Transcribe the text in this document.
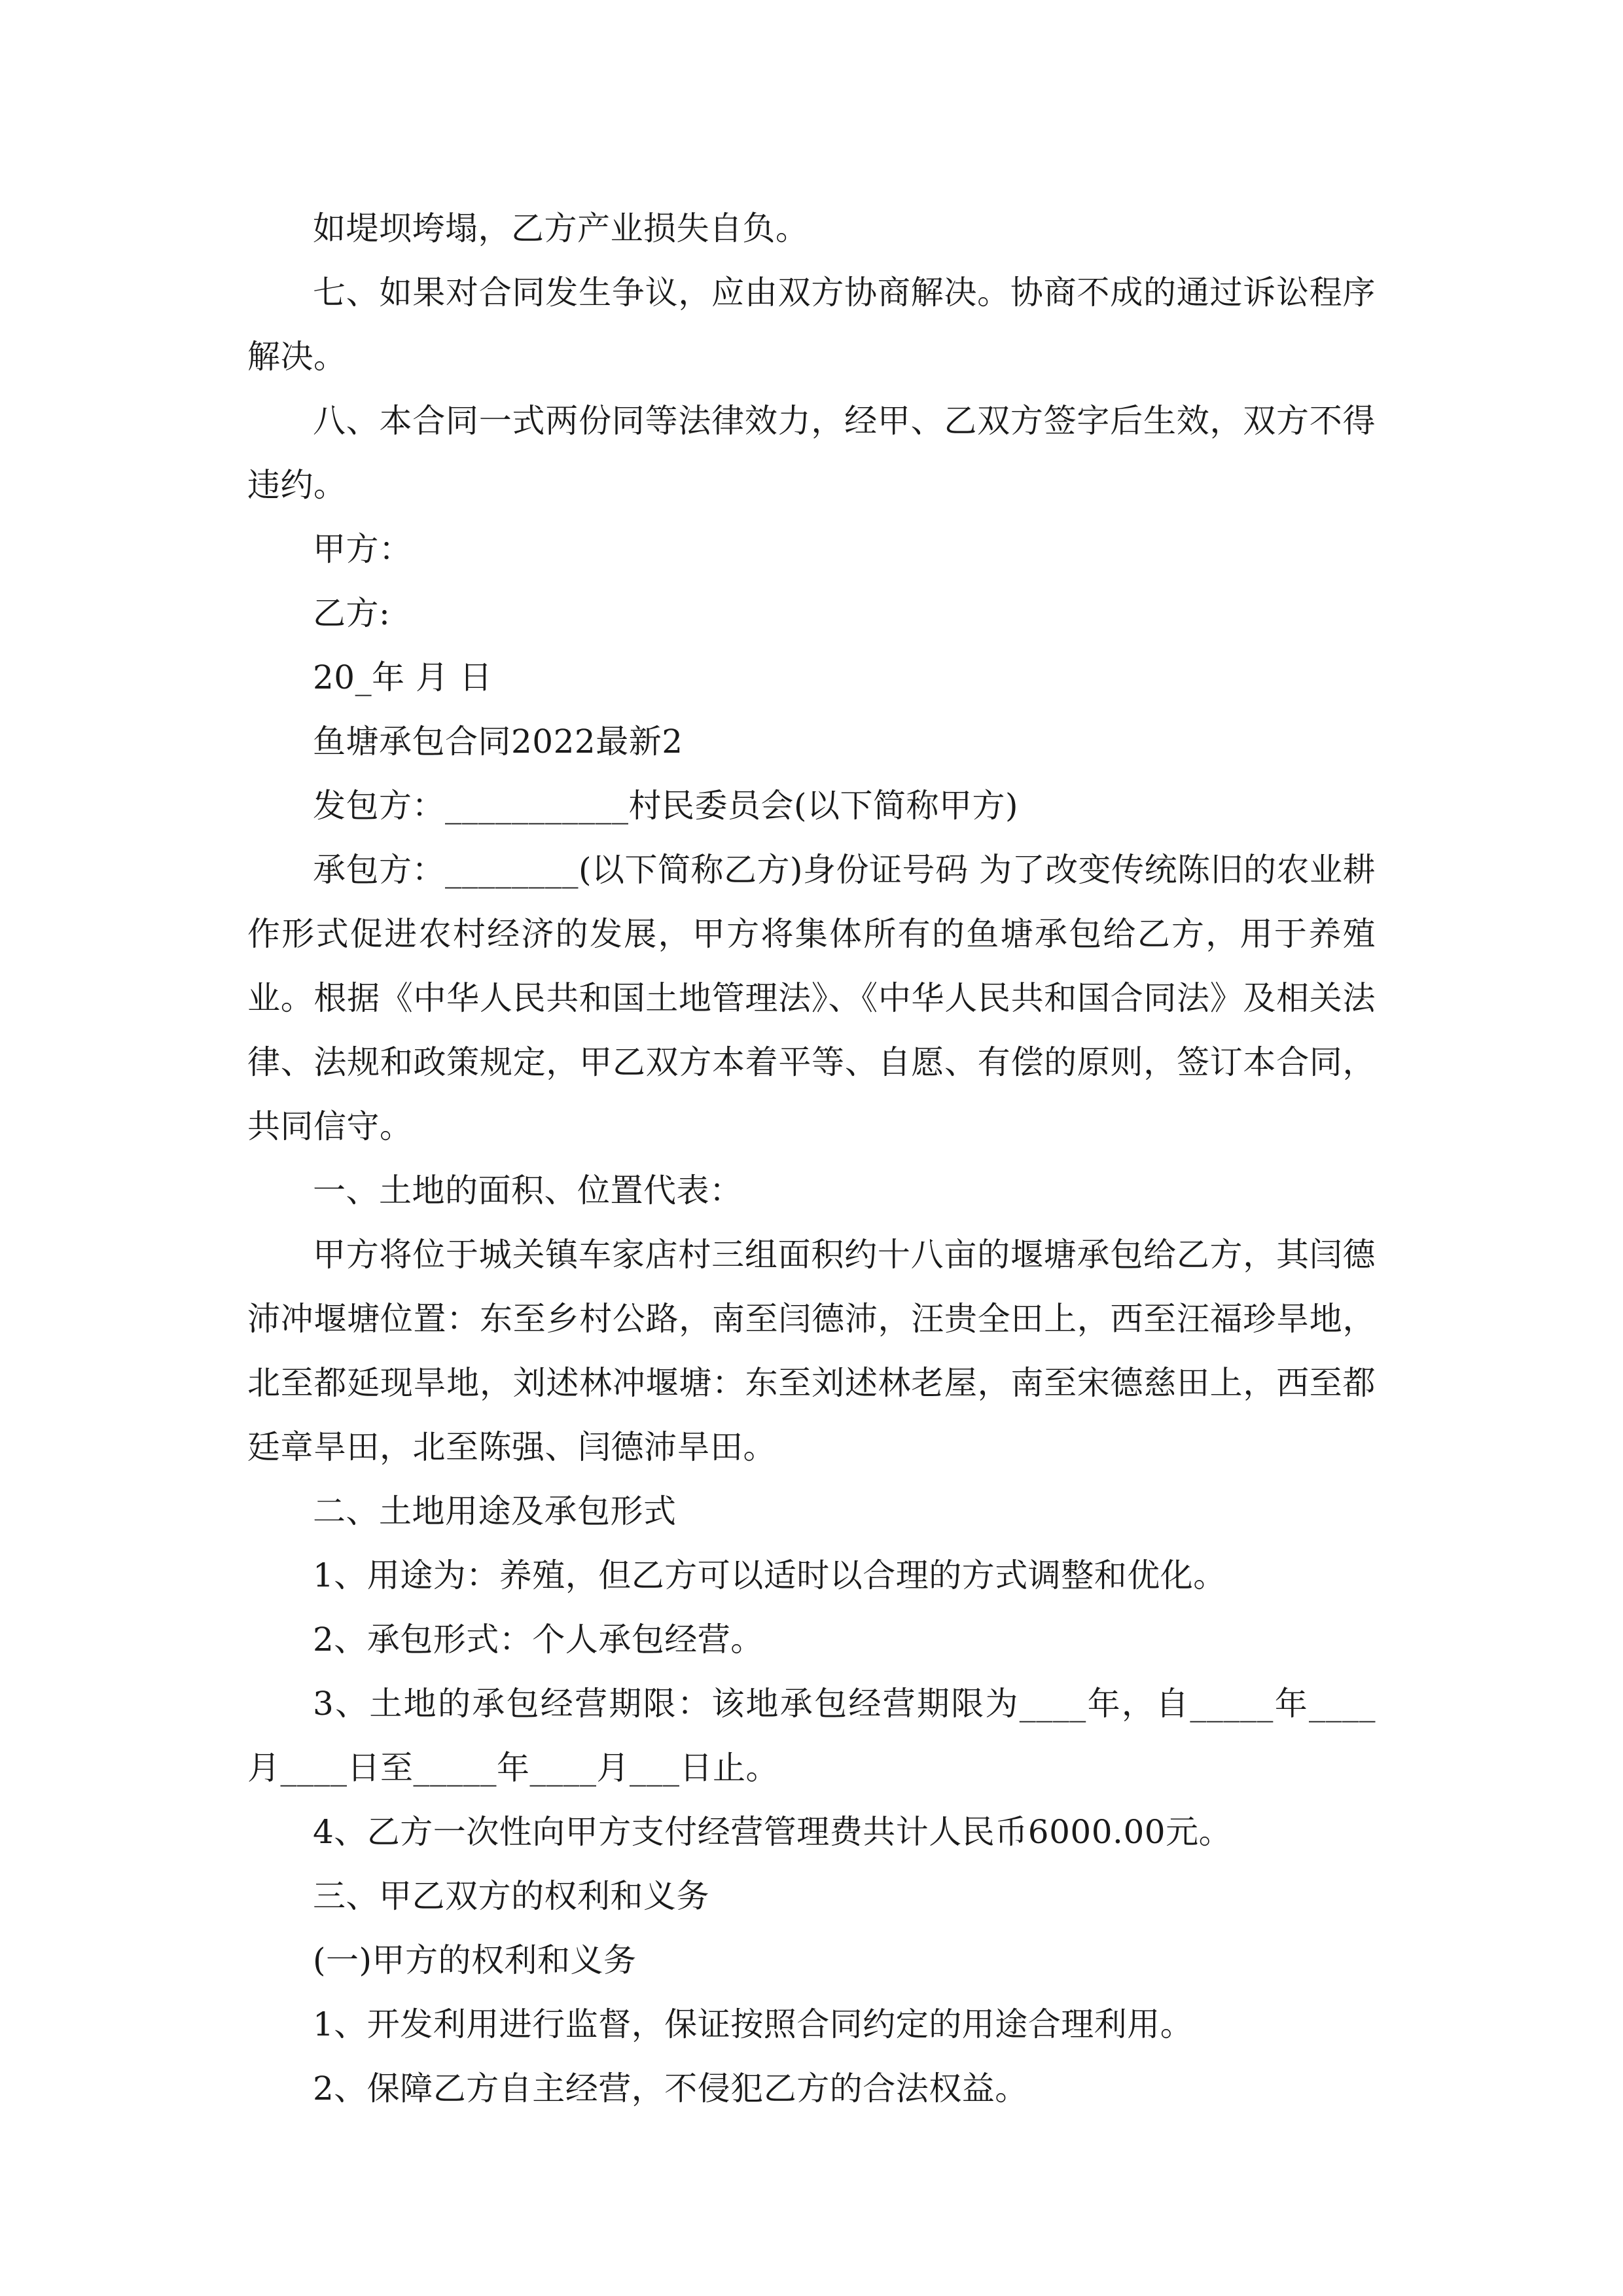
如堤坝垮塌，乙方产业损失自负。

七、如果对合同发生争议，应由双方协商解决。协商不成的通过诉讼程序解决。

八、本合同一式两份同等法律效力，经甲、乙双方签字后生效，双方不得违约。

甲方：

乙方:

20_年 月 日

鱼塘承包合同2022最新2

发包方：___________村民委员会(以下简称甲方)

承包方：________(以下简称乙方)身份证号码 为了改变传统陈旧的农业耕作形式促进农村经济的发展，甲方将集体所有的鱼塘承包给乙方，用于养殖业。根据《中华人民共和国土地管理法》、《中华人民共和国合同法》及相关法律、法规和政策规定，甲乙双方本着平等、自愿、有偿的原则，签订本合同，共同信守。

一、土地的面积、位置代表：

甲方将位于城关镇车家店村三组面积约十八亩的堰塘承包给乙方，其闫德沛冲堰塘位置：东至乡村公路，南至闫德沛，汪贵全田上，西至汪福珍旱地，北至都延现旱地，刘述林冲堰塘：东至刘述林老屋，南至宋德慈田上，西至都廷章旱田，北至陈强、闫德沛旱田。

二、土地用途及承包形式

1、用途为：养殖，但乙方可以适时以合理的方式调整和优化。

2、承包形式：个人承包经营。

3、土地的承包经营期限：该地承包经营期限为____年，自_____年____月____日至_____年____月___日止。

4、乙方一次性向甲方支付经营管理费共计人民币6000.00元。

三、甲乙双方的权利和义务

(一)甲方的权利和义务

1、开发利用进行监督，保证按照合同约定的用途合理利用。

2、保障乙方自主经营，不侵犯乙方的合法权益。
